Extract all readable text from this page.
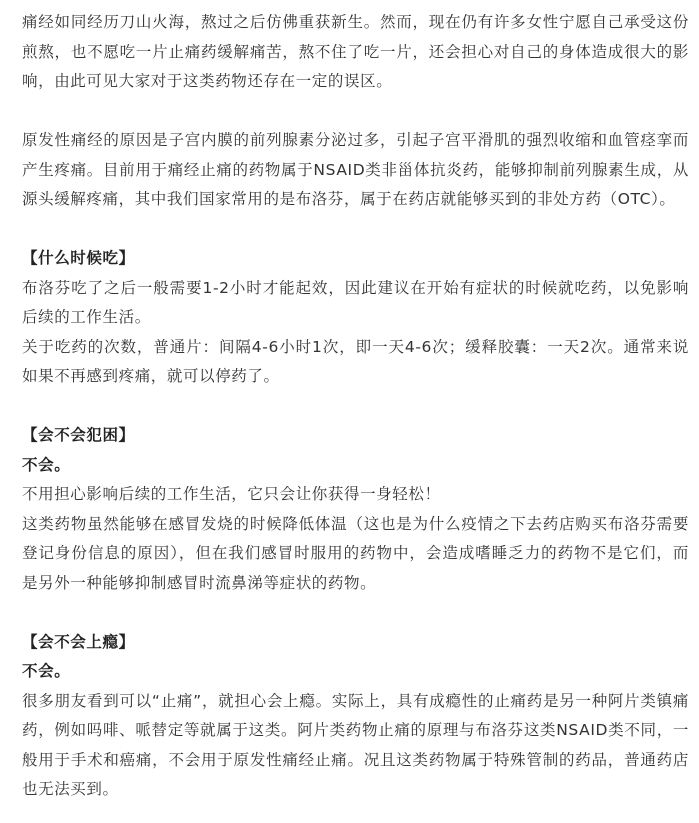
痛经如同经历刀山火海，熬过之后仿佛重获新生。然而，现在仍有许多女性宁愿自己承受这份煎熬，也不愿吃一片止痛药缓解痛苦，熬不住了吃一片，还会担心对自己的身体造成很大的影响，由此可见大家对于这类药物还存在一定的误区。

原发性痛经的原因是子宫内膜的前列腺素分泌过多，引起子宫平滑肌的强烈收缩和血管痉挛而产生疼痛。目前用于痛经止痛的药物属于NSAID类非甾体抗炎药，能够抑制前列腺素生成，从源头缓解疼痛，其中我们国家常用的是布洛芬，属于在药店就能够买到的非处方药（OTC）。

【什么时候吃】

布洛芬吃了之后一般需要1-2小时才能起效，因此建议在开始有症状的时候就吃药，以免影响后续的工作生活。

关于吃药的次数，普通片：间隔4-6小时1次，即一天4-6次；缓释胶囊：一天2次。通常来说如果不再感到疼痛，就可以停药了。

【会不会犯困】

不会。

不用担心影响后续的工作生活，它只会让你获得一身轻松！

这类药物虽然能够在感冒发烧的时候降低体温（这也是为什么疫情之下去药店购买布洛芬需要登记身份信息的原因），但在我们感冒时服用的药物中，会造成嗜睡乏力的药物不是它们，而是另外一种能够抑制感冒时流鼻涕等症状的药物。

【会不会上瘾】

不会。

很多朋友看到可以“止痛”，就担心会上瘾。实际上，具有成瘾性的止痛药是另一种阿片类镇痛药，例如吗啡、哌替定等就属于这类。阿片类药物止痛的原理与布洛芬这类NSAID类不同，一般用于手术和癌痛，不会用于原发性痛经止痛。况且这类药物属于特殊管制的药品，普通药店也无法买到。
